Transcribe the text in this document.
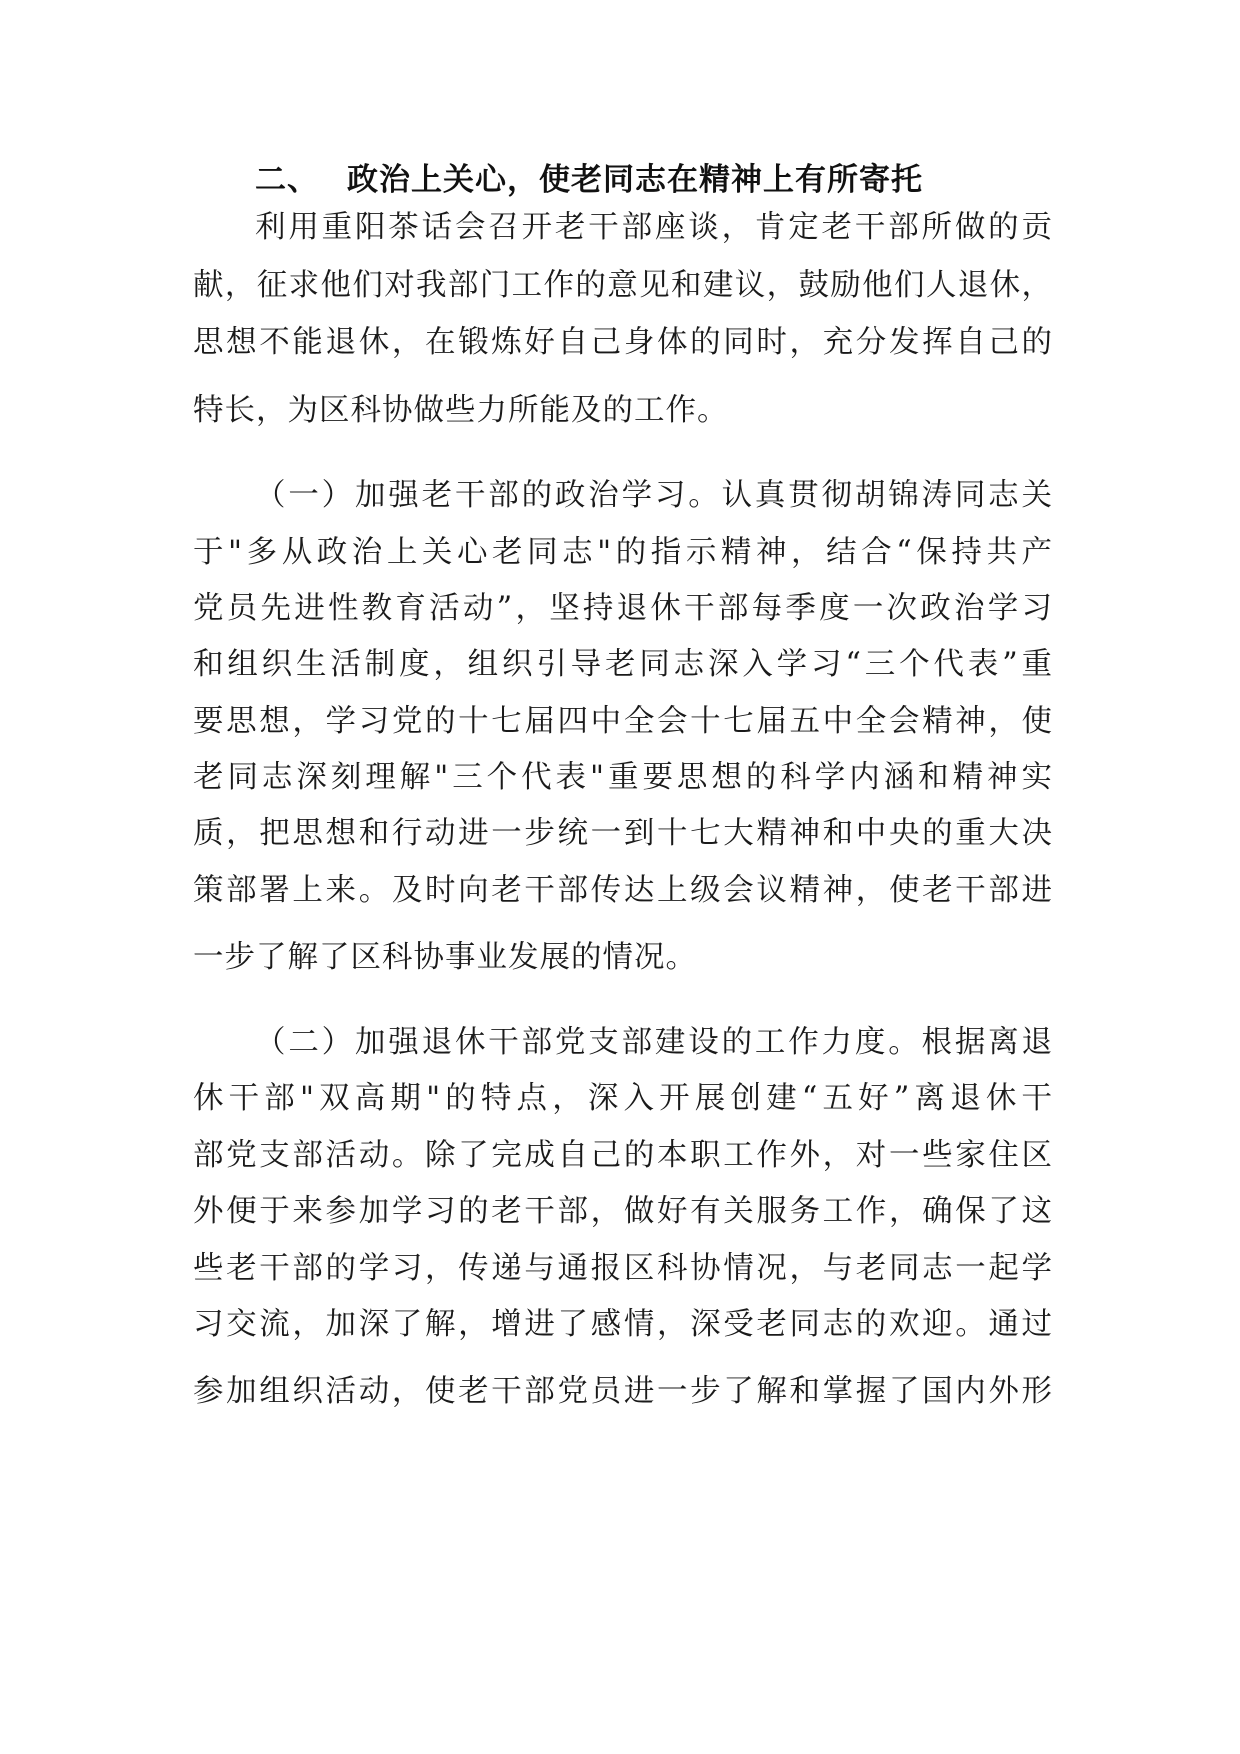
二、 政治上关心，使老同志在精神上有所寄托

利用重阳茶话会召开老干部座谈，肯定老干部所做的贡

献，征求他们对我部门工作的意见和建议，鼓励他们人退休，

思想不能退休，在锻炼好自己身体的同时，充分发挥自己的

特长，为区科协做些力所能及的工作。

（一）加强老干部的政治学习。认真贯彻胡锦涛同志关

于"多从政治上关心老同志"的指示精神，结合“保持共产

党员先进性教育活动”，坚持退休干部每季度一次政治学习

和组织生活制度，组织引导老同志深入学习“三个代表”重

要思想，学习党的十七届四中全会十七届五中全会精神，使

老同志深刻理解"三个代表"重要思想的科学内涵和精神实

质，把思想和行动进一步统一到十七大精神和中央的重大决

策部署上来。及时向老干部传达上级会议精神，使老干部进

一步了解了区科协事业发展的情况。

（二）加强退休干部党支部建设的工作力度。根据离退

休干部"双高期"的特点，深入开展创建“五好”离退休干

部党支部活动。除了完成自己的本职工作外，对一些家住区

外便于来参加学习的老干部，做好有关服务工作，确保了这

些老干部的学习，传递与通报区科协情况，与老同志一起学

习交流，加深了解，增进了感情，深受老同志的欢迎。通过

参加组织活动，使老干部党员进一步了解和掌握了国内外形
